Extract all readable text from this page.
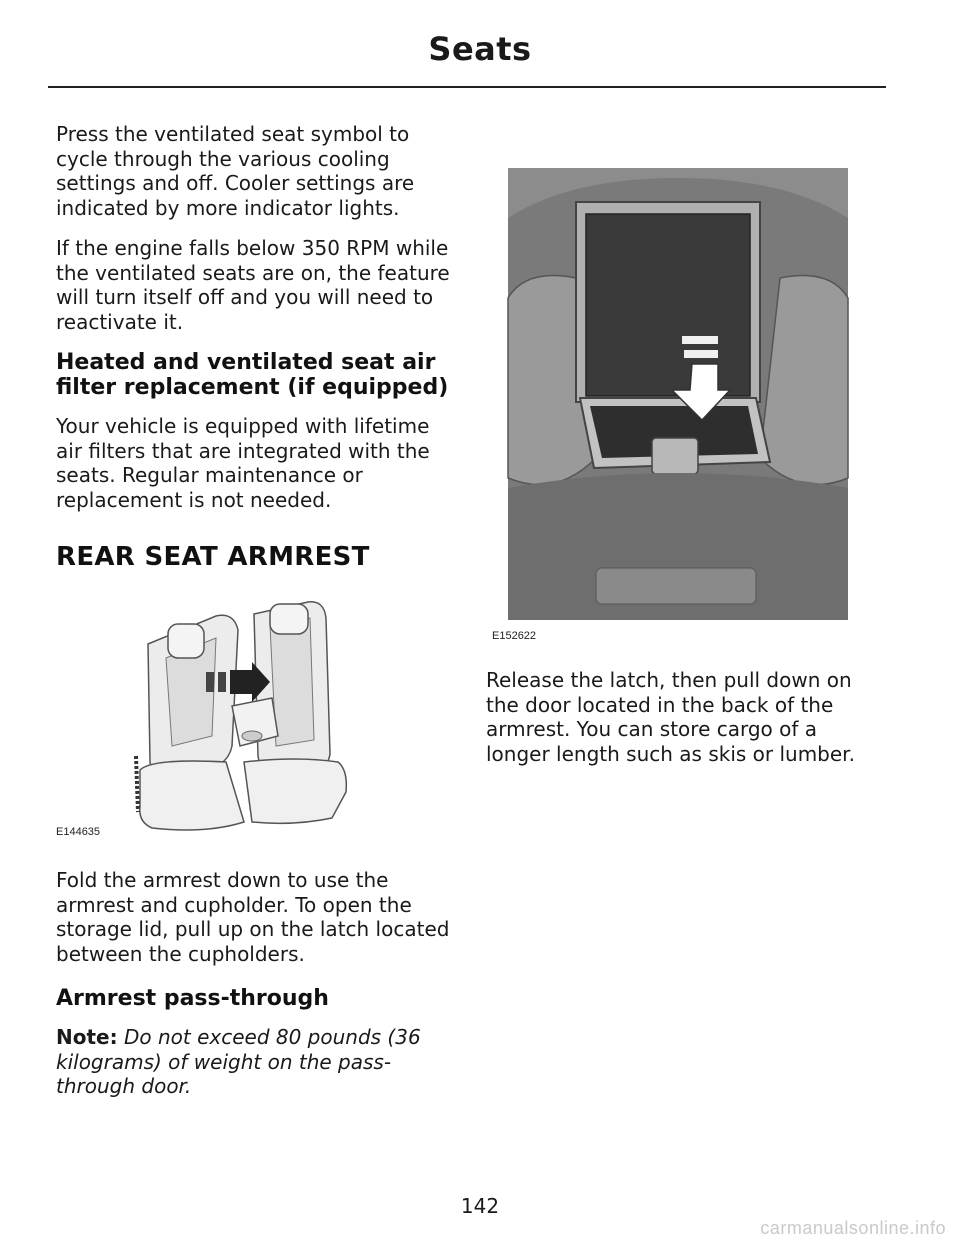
Seats

Press the ventilated seat symbol to cycle through the various cooling settings and off. Cooler settings are indicated by more indicator lights.

If the engine falls below 350 RPM while the ventilated seats are on, the feature will turn itself off and you will need to reactivate it.

Heated and ventilated seat air filter replacement (if equipped)

Your vehicle is equipped with lifetime air filters that are integrated with the seats. Regular maintenance or replacement is not needed.

REAR SEAT ARMREST
E144635

Fold the armrest down to use the armrest and cupholder. To open the storage lid, pull up on the latch located between the cupholders.

Armrest pass-through

Note: Do not exceed 80 pounds (36 kilograms) of weight on the pass-through door.

E152622

Release the latch, then pull down on the door located in the back of the armrest. You can store cargo of a longer length such as skis or lumber.

142
carmanualsonline.info
